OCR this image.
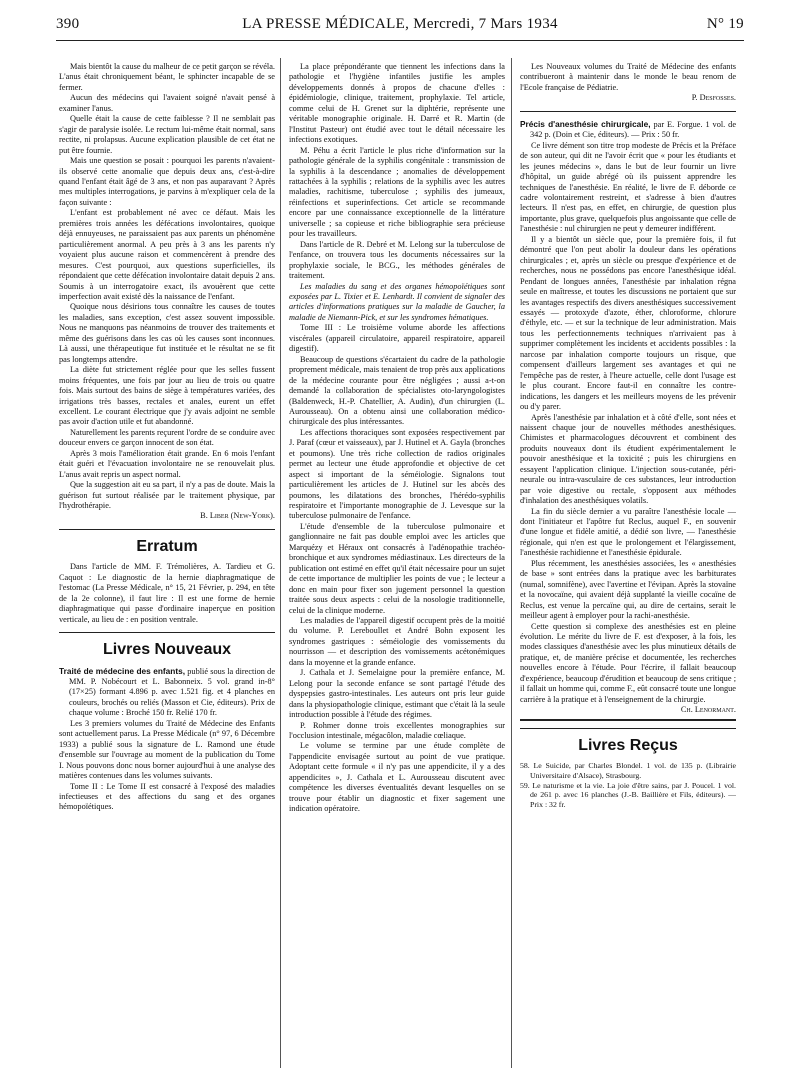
390	LA PRESSE MÉDICALE, Mercredi, 7 Mars 1934	N° 19

Mais bientôt la cause du malheur de ce petit garçon se révéla. L'anus était chroniquement béant, le sphincter incapable de se fermer.

Aucun des médecins qui l'avaient soigné n'avait pensé à examiner l'anus.

Quelle était la cause de cette faiblesse ? Il ne semblait pas s'agir de paralysie isolée. Le rectum lui-même était normal, sans rectite, ni prolapsus. Aucune explication plausible de cet état ne put être fournie.

Mais une question se posait : pourquoi les parents n'avaient-ils observé cette anomalie que depuis deux ans, c'est-à-dire quand l'enfant était âgé de 3 ans, et non pas auparavant ? Après mes multiples interrogations, je parvins à m'expliquer cela de la façon suivante :

L'enfant est probablement né avec ce défaut. Mais les premières trois années les défécations involontaires, quoique déjà ennuyeuses, ne paraissaient pas aux parents un phénomène particulièrement anormal. A peu près à 3 ans les parents n'y voyaient plus aucune raison et commencèrent à prendre des mesures. C'est pourquoi, aux questions superficielles, ils répondaient que cette défécation involontaire datait depuis 2 ans. Soumis à un interrogatoire exact, ils avouèrent que cette imperfection avait existé dès la naissance de l'enfant.

Quoique nous désirions tous connaître les causes de toutes les maladies, sans exception, c'est assez souvent impossible. Nous ne manquons pas néanmoins de trouver des traitements et même des guérisons dans les cas où les causes sont inconnues. Là aussi, une thérapeutique fut instituée et le résultat ne se fit pas longtemps attendre.

La diète fut strictement réglée pour que les selles fussent moins fréquentes, une fois par jour au lieu de trois ou quatre fois. Mais surtout des bains de siège à températures variées, des irrigations très basses, rectales et anales, eurent un effet excellent. Le courant électrique que j'y avais adjoint ne semble pas avoir d'action utile et fut abandonné.

Naturellement les parents reçurent l'ordre de se conduire avec douceur envers ce garçon innocent de son état.

Après 3 mois l'amélioration était grande. En 6 mois l'enfant était guéri et l'évacuation involontaire ne se renouvelait plus. L'anus avait repris un aspect normal.

Que la suggestion ait eu sa part, il n'y a pas de doute. Mais la guérison fut surtout réalisée par le traitement physique, par l'hydrothérapie.

B. Liber (New-York).

Erratum

Dans l'article de MM. F. Trémolières, A. Tardieu et G. Caquot : Le diagnostic de la hernie diaphragmatique de l'estomac (La Presse Médicale, n° 15, 21 Février, p. 294, en tête de la 2e colonne), il faut lire : Il est une forme de hernie diaphragmatique qui passe d'ordinaire inaperçue en position verticale, au lieu de : en position ventrale.

Livres Nouveaux

Traité de médecine des enfants, publié sous la direction de MM. P. Nobécourt et L. Babonneix. 5 vol. grand in-8° (17×25) formant 4.896 p. avec 1.521 fig. et 4 planches en couleurs, brochés ou reliés (Masson et Cie, éditeurs). Prix de chaque volume : Broché 150 fr. Relié 170 fr.

Les 3 premiers volumes du Traité de Médecine des Enfants sont actuellement parus. La Presse Médicale (n° 97, 6 Décembre 1933) a publié sous la signature de L. Ramond une étude d'ensemble sur l'ouvrage au moment de la publication du Tome I. Nous pouvons donc nous borner aujourd'hui à une analyse des matières contenues dans les volumes suivants.

Tome II : Le Tome II est consacré à l'exposé des maladies infectieuses et des affections du sang et des organes hémopoïétiques.

La place prépondérante que tiennent les infections dans la pathologie et l'hygiène infantiles justifie les amples développements donnés à propos de chacune d'elles : épidémiologie, clinique, traitement, prophylaxie. Tel article, comme celui de H. Grenet sur la diphtérie, représente une véritable monographie originale. H. Darré et R. Martin (de l'Institut Pasteur) ont étudié avec tout le détail nécessaire les infections exotiques.

M. Péhu a écrit l'article le plus riche d'information sur la pathologie générale de la syphilis congénitale : transmission de la syphilis à la descendance ; anomalies de développement rattachées à la syphilis ; relations de la syphilis avec les autres maladies, rachitisme, tuberculose ; syphilis des jumeaux, réinfections et superinfections. Cet article se recommande encore par une connaissance exceptionnelle de la littérature universelle ; sa copieuse et riche bibliographie sera précieuse pour les travailleurs.

Dans l'article de R. Debré et M. Lelong sur la tuberculose de l'enfance, on trouvera tous les documents nécessaires sur la prophylaxie sociale, le BCG., les méthodes générales de traitement.

Les maladies du sang et des organes hémopoïétiques sont exposées par L. Tixier et E. Lenhardt. Il convient de signaler des articles d'informations pratiques sur la maladie de Gaucher, la maladie de Niemann-Pick, et sur les syndromes hématiques.

Tome III : Le troisième volume aborde les affections viscérales (appareil circulatoire, appareil respiratoire, appareil digestif).

Beaucoup de questions s'écartaient du cadre de la pathologie proprement médicale, mais tenaient de trop près aux applications de la médecine courante pour être négligées ; aussi a-t-on demandé la collaboration de spécialistes oto-laryngologistes (Baldenweck, H.-P. Chatellier, A. Audin), d'un chirurgien (L. Aurousseau). On a obtenu ainsi une collaboration médico-chirurgicale des plus intéressantes.

Les affections thoraciques sont exposées respectivement par J. Paraf (cœur et vaisseaux), par J. Hutinel et A. Gayla (bronches et poumons). Une très riche collection de radios originales permet au lecteur une étude approfondie et objective de cet aspect si important de la séméiologie. Signalons tout particulièrement les articles de J. Hutinel sur les abcès des poumons, les dilatations des bronches, l'hérédo-syphilis respiratoire et l'importante monographie de J. Levesque sur la tuberculose pulmonaire de l'enfance.

L'étude d'ensemble de la tuberculose pulmonaire et ganglionnaire ne fait pas double emploi avec les articles que Marquézy et Héraux ont consacrés à l'adénopathie trachéo-bronchique et aux syndromes médiastinaux. Les directeurs de la publication ont estimé en effet qu'il était nécessaire pour un sujet de cette importance de multiplier les points de vue ; le lecteur a donc en main pour fixer son jugement personnel la question traitée sous deux aspects : celui de la nosologie traditionnelle, celui de la clinique moderne.

Les maladies de l'appareil digestif occupent près de la moitié du volume. P. Lereboullet et André Bohn exposent les syndromes gastriques : séméiologie des vomissements du nourrisson — et description des vomissements acétonémiques dans la moyenne et la grande enfance.

J. Cathala et J. Semelaigne pour la première enfance, M. Lelong pour la seconde enfance se sont partagé l'étude des dyspepsies gastro-intestinales. Les auteurs ont pris leur guide dans la physiopathologie clinique, estimant que c'était là la seule introduction possible à l'étude des régimes.

P. Rohmer donne trois excellentes monographies sur l'occlusion intestinale, mégacôlon, maladie cœliaque.

Le volume se termine par une étude complète de l'appendicite envisagée surtout au point de vue pratique. Adoptant cette formule « il n'y pas une appendicite, il y a des appendicites », J. Cathala et L. Aurousseau discutent avec compétence les diverses éventualités devant lesquelles on se trouve pour établir un diagnostic et fixer sagement une indication opératoire.

Les Nouveaux volumes du Traité de Médecine des enfants contribueront à maintenir dans le monde le beau renom de l'Ecole française de Pédiatrie.

P. Desfosses.

Précis d'anesthésie chirurgicale, par E. Forgue. 1 vol. de 342 p. (Doin et Cie, éditeurs). — Prix : 50 fr.

Ce livre dément son titre trop modeste de Précis et la Préface de son auteur, qui dit ne l'avoir écrit que « pour les étudiants et les jeunes médecins », dans le but de leur fournir un livre d'hôpital, un guide abrégé où ils puissent apprendre les techniques de l'anesthésie. En réalité, le livre de F. déborde ce cadre volontairement restreint, et s'adresse à bien d'autres lecteurs. Il n'est pas, en effet, en chirurgie, de question plus importante, plus grave, quelquefois plus angoissante que celle de l'anesthésie : nul chirurgien ne peut y demeurer indifférent.

Il y a bientôt un siècle que, pour la première fois, il fut démontré que l'on peut abolir la douleur dans les opérations chirurgicales ; et, après un siècle ou presque d'expérience et de recherches, nous ne possédons pas encore l'anesthésique idéal. Pendant de longues années, l'anesthésie par inhalation régna seule en maîtresse, et toutes les discussions ne portaient que sur les avantages respectifs des divers anesthésiques successivement essayés — protoxyde d'azote, éther, chloroforme, chlorure d'éthyle, etc. — et sur la technique de leur administration. Mais tous les perfectionnements techniques n'arrivaient pas à supprimer complètement les incidents et accidents possibles : la narcose par inhalation comporte toujours un risque, que compensent d'ailleurs largement ses avantages et qui ne l'empêche pas de rester, à l'heure actuelle, celle dont l'usage est le plus courant. Encore faut-il en connaître les contre-indications, les dangers et les meilleurs moyens de les prévenir ou d'y parer.

Après l'anesthésie par inhalation et à côté d'elle, sont nées et naissent chaque jour de nouvelles méthodes anesthésiques. Chimistes et pharmacologues découvrent et combinent des produits nouveaux dont ils étudient expérimentalement le pouvoir anesthésique et la toxicité ; puis les chirurgiens en essayent l'application clinique. L'injection sous-cutanée, péri-neurale ou intra-vasculaire de ces substances, leur introduction par voie digestive ou rectale, s'opposent aux méthodes d'inhalation des anesthésiques volatils.

La fin du siècle dernier a vu paraître l'anesthésie locale — dont l'initiateur et l'apôtre fut Reclus, auquel F., en souvenir d'une longue et fidèle amitié, a dédié son livre, — l'anesthésie régionale, qui n'en est que le prolongement et l'élargissement, l'anesthésie rachidienne et l'anesthésie épidurale.

Plus récemment, les anesthésies associées, les « anesthésies de base » sont entrées dans la pratique avec les barbiturates (numal, somnifène), avec l'avertine et l'évipan. Après la stovaïne et la novocaïne, qui avaient déjà supplanté la vieille cocaïne de Reclus, est venue la percaïne qui, au dire de certains, serait le meilleur agent à employer pour la rachi-anesthésie.

Cette question si complexe des anesthésies est en pleine évolution. Le mérite du livre de F. est d'exposer, à la fois, les modes classiques d'anesthésie avec les plus minutieux détails de pratique, et, de manière précise et documentée, les recherches nouvelles encore à l'étude. Pour l'écrire, il fallait beaucoup d'expérience, beaucoup d'érudition et beaucoup de sens critique ; il fallait un homme qui, comme F., eût consacré toute une longue carrière à la pratique et à l'enseignement de la chirurgie.

Ch. Lenormant.

Livres Reçus

58. Le Suicide, par Charles Blondel. 1 vol. de 135 p. (Librairie Universitaire d'Alsace), Strasbourg.

59. Le naturisme et la vie. La joie d'être sains, par J. Poucel. 1 vol. de 261 p. avec 16 planches (J.-B. Baillière et Fils, éditeurs). — Prix : 32 fr.
